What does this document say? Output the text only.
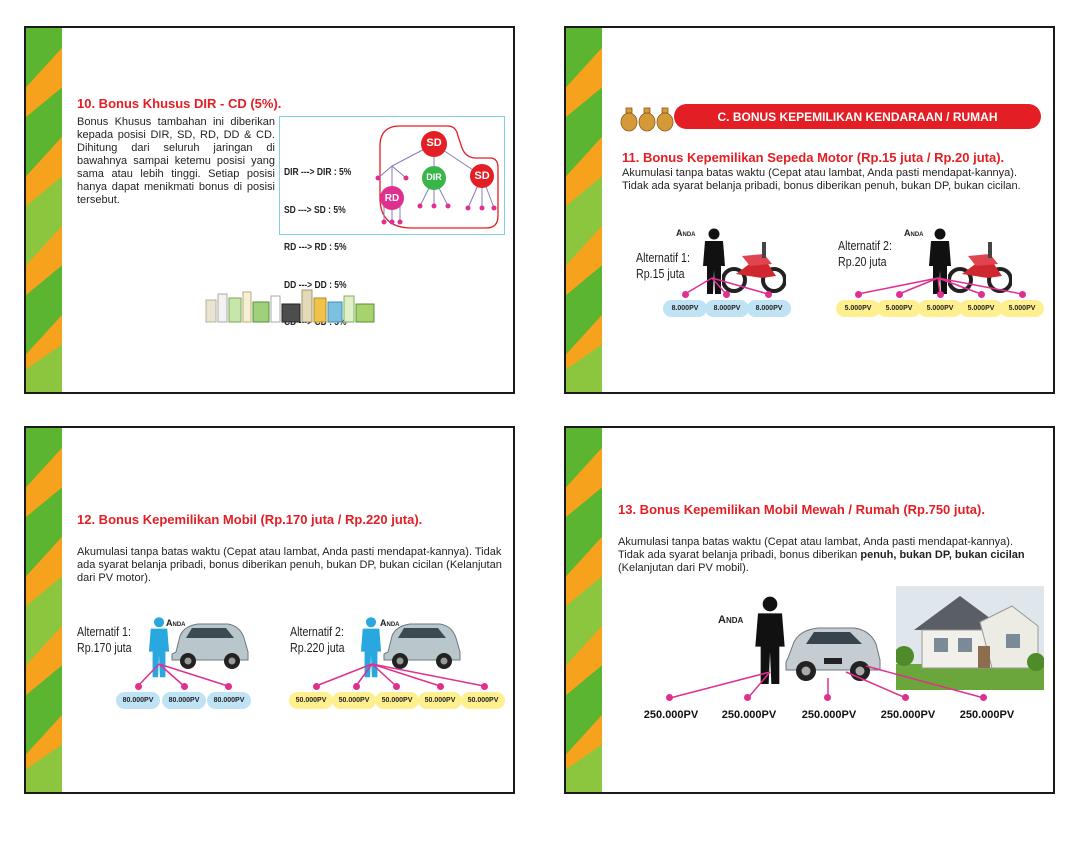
10. Bonus Khusus DIR - CD (5%).
Bonus Khusus tambahan ini diberikan kepada posisi DIR, SD, RD, DD & CD. Dihitung dari seluruh jaringan di bawahnya sampai ketemu posisi yang sama atau lebih tinggi. Setiap posisi hanya dapat menikmati bonus di posisi tersebut.

DIR ---> DIR : 5%

SD ---> SD : 5%

RD ---> RD : 5%

DD ---> DD : 5%

SD
DIR	SD
RD
C. BONUS KEPEMILIKAN KENDARAAN / RUMAH
11. Bonus Kepemilikan Sepeda Motor (Rp.15 juta / Rp.20 juta).
Akumulasi tanpa batas waktu (Cepat atau lambat, Anda pasti mendapat-kannya). Tidak ada syarat belanja pribadi, bonus diberikan penuh, bukan DP, bukan cicilan.
Alternatif 1:
Rp.15 juta
Anda
Alternatif 2:
Rp.20 juta
Anda
8.000PV	8.000PV	8.000PV	5.000PV	5.000PV	5.000PV	5.000PV	5.000PV
12. Bonus Kepemilikan Mobil (Rp.170 juta / Rp.220 juta).
Akumulasi tanpa batas waktu (Cepat atau lambat, Anda pasti mendapat-kannya). Tidak ada syarat belanja pribadi, bonus diberikan penuh, bukan DP, bukan cicilan (Kelanjutan dari PV motor).
Alternatif 1:
Rp.170 juta
Anda
Alternatif 2:
Rp.220 juta
Anda
80.000PV	80.000PV	80.000PV	50.000PV	50.000PV	50.000PV	50.000PV	50.000PV
13. Bonus Kepemilikan Mobil Mewah / Rumah (Rp.750 juta).
Akumulasi tanpa batas waktu (Cepat atau lambat, Anda pasti mendapat-kannya). Tidak ada syarat belanja pribadi, bonus diberikan penuh, bukan DP, bukan cicilan (Kelanjutan dari PV mobil).
Anda
250.000PV	250.000PV	250.000PV	250.000PV	250.000PV
